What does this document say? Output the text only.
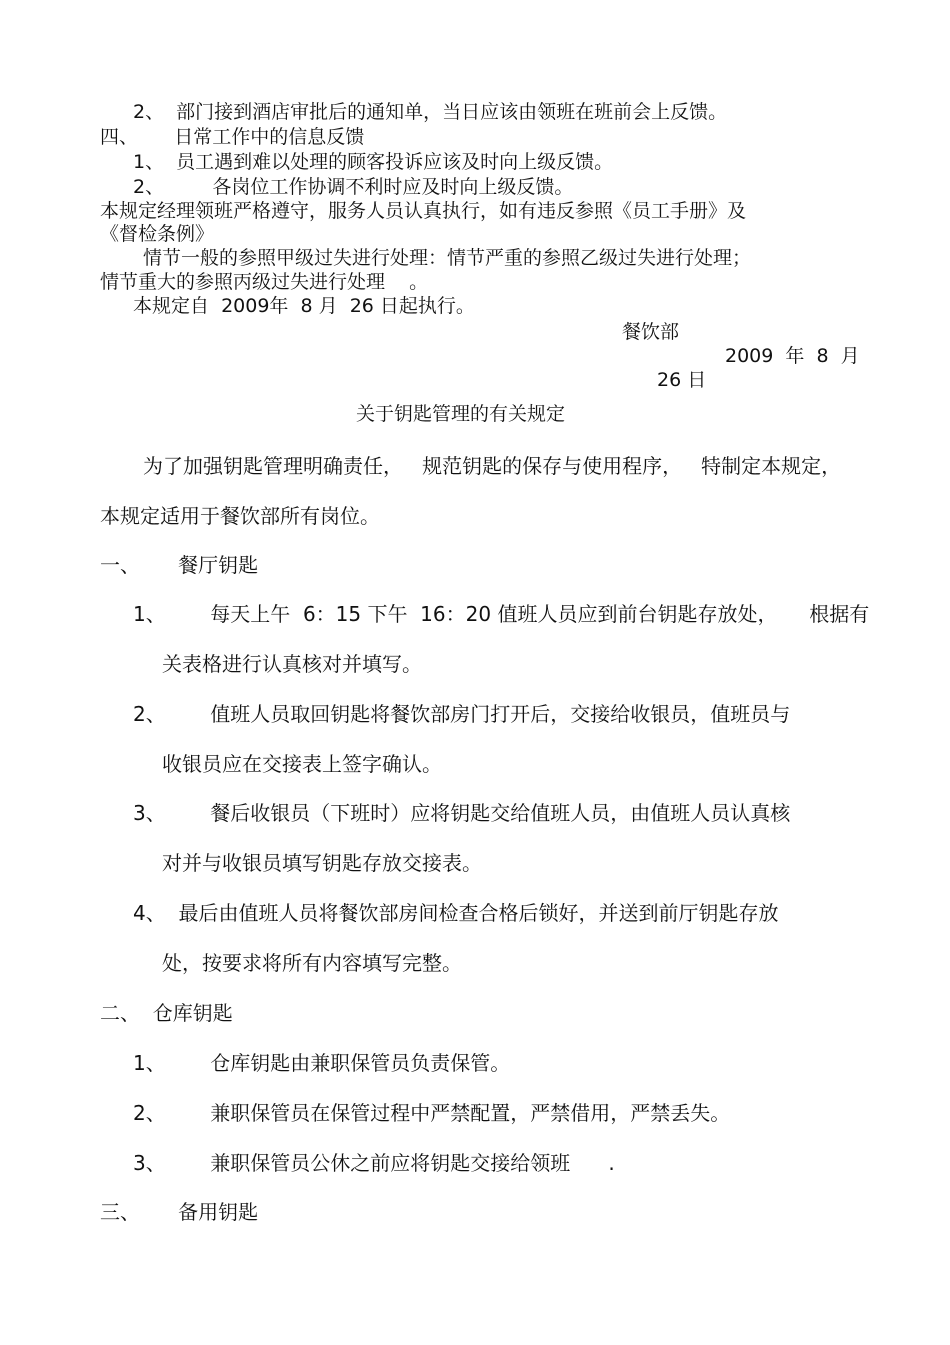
2、  部门接到酒店审批后的通知单，当日应该由领班在班前会上反馈。
四、      日常工作中的信息反馈
1、  员工遇到难以处理的顾客投诉应该及时向上级反馈。
2、        各岗位工作协调不利时应及时向上级反馈。
本规定经理领班严格遵守，服务人员认真执行，如有违反参照《员工手册》及
《督检条例》
情节一般的参照甲级过失进行处理：情节严重的参照乙级过失进行处理；
情节重大的参照丙级过失进行处理    。
本规定自  2009年  8 月  26 日起执行。
餐饮部
2009  年  8  月
26 日
关于钥匙管理的有关规定
为了加强钥匙管理明确责任，   规范钥匙的保存与使用程序，   特制定本规定，
本规定适用于餐饮部所有岗位。
一、      餐厅钥匙
1、       每天上午  6：15 下午  16：20 值班人员应到前台钥匙存放处，     根据有
关表格进行认真核对并填写。
2、       值班人员取回钥匙将餐饮部房门打开后，交接给收银员，值班员与
收银员应在交接表上签字确认。
3、       餐后收银员（下班时）应将钥匙交给值班人员，由值班人员认真核
对并与收银员填写钥匙存放交接表。
4、  最后由值班人员将餐饮部房间检查合格后锁好，并送到前厅钥匙存放
处，按要求将所有内容填写完整。
二、  仓库钥匙
1、       仓库钥匙由兼职保管员负责保管。
2、       兼职保管员在保管过程中严禁配置，严禁借用，严禁丢失。
3、       兼职保管员公休之前应将钥匙交接给领班      .
三、      备用钥匙
